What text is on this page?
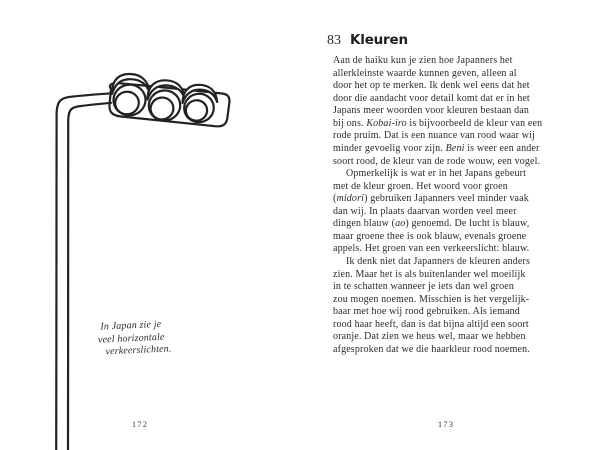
In Japan zie je
veel horizontale
verkeerslichten.
172
83 Kleuren
Aan de haiku kun je zien hoe Japanners het
allerkleinste waarde kunnen geven, alleen al
door het op te merken. Ik denk wel eens dat het
door die aandacht voor detail komt dat er in het
Japans meer woorden voor kleuren bestaan dan
bij ons. Kobai-iro is bijvoorbeeld de kleur van een
rode pruim. Dat is een nuance van rood waar wij
minder gevoelig voor zijn. Beni is weer een ander
soort rood, de kleur van de rode wouw, een vogel.
Opmerkelijk is wat er in het Japans gebeurt
met de kleur groen. Het woord voor groen
(midori) gebruiken Japanners veel minder vaak
dan wij. In plaats daarvan worden veel meer
dingen blauw (ao) genoemd. De lucht is blauw,
maar groene thee is ook blauw, evenals groene
appels. Het groen van een verkeerslicht: blauw.
Ik denk niet dat Japanners de kleuren anders
zien. Maar het is als buitenlander wel moeilijk
in te schatten wanneer je iets dan wel groen
zou mogen noemen. Misschien is het vergelijk-
baar met hoe wij rood gebruiken. Als iemand
rood haar heeft, dan is dat bijna altijd een soort
oranje. Dat zien we heus wel, maar we hebben
afgesproken dat we die haarkleur rood noemen.
173
